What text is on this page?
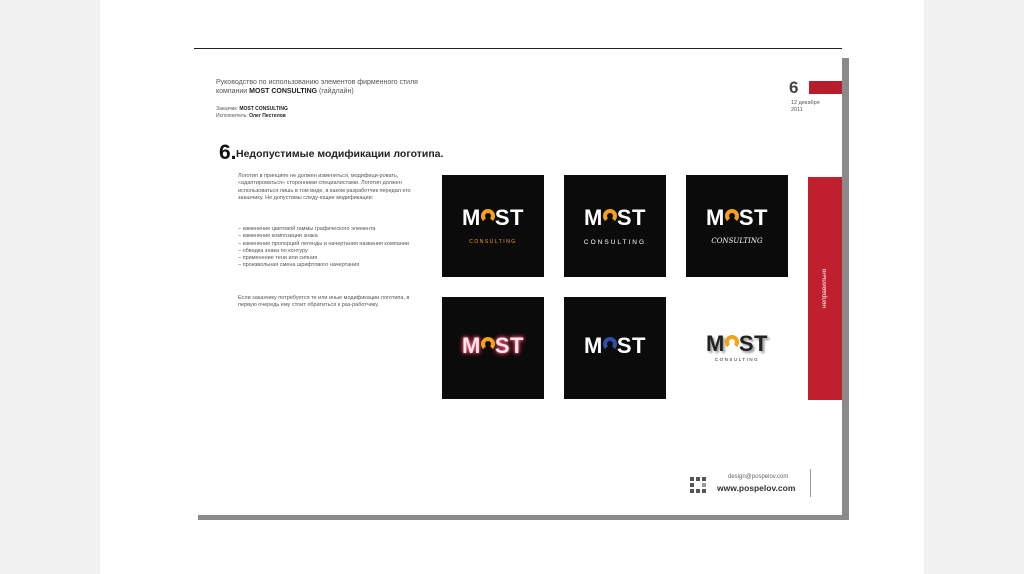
Руководство по использованию элементов фирменного стиля
компании MOST CONSULTING (гайдлайн)
Заказчик: MOST CONSULTING
Исполнитель: Олег Пестелов
6
12 декабря
2011
6. Недопустимые модификации логотипа.
Логотип в принципе не должен изменяться, модифици-ровать, «адаптироваться» сторонними специалистами. Логотип должен использоваться лишь в том виде, в каком разработчик передал его заказчику. Не допустимы следу-ющие модификации:
– изменение цветовой гаммы графического элемента
– изменение композиции знака
– изменение пропорций легенды и начертания названия компании
– обводка знака по контуру
– применение тени или сияния
– произвольная смена шрифтового начертания
Если заказчику потребуется те или иные модификации логотипа, в первую очередь ему стоит обратиться к раз-работчику.
M ST
CONSULTING
M ST
CONSULTING
M ST
CONSULTING
M ST	M ST	M ST
CONSULTING
неправильно
design@pospelov.com
www.pospelov.com
